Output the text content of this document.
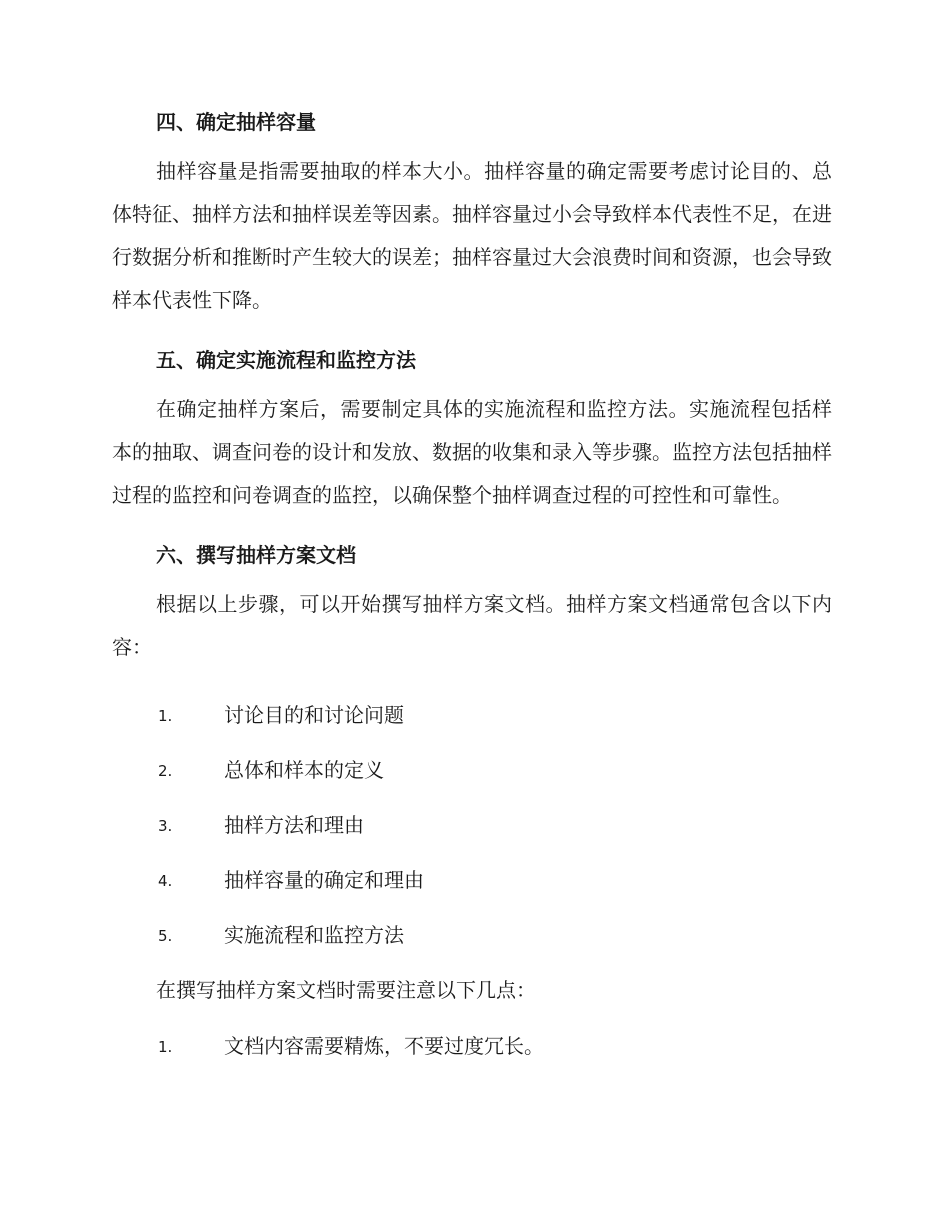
四、确定抽样容量

抽样容量是指需要抽取的样本大小。抽样容量的确定需要考虑讨论目的、总体特征、抽样方法和抽样误差等因素。抽样容量过小会导致样本代表性不足，在进行数据分析和推断时产生较大的误差；抽样容量过大会浪费时间和资源，也会导致样本代表性下降。

五、确定实施流程和监控方法

在确定抽样方案后，需要制定具体的实施流程和监控方法。实施流程包括样本的抽取、调查问卷的设计和发放、数据的收集和录入等步骤。监控方法包括抽样过程的监控和问卷调查的监控，以确保整个抽样调查过程的可控性和可靠性。

六、撰写抽样方案文档

根据以上步骤，可以开始撰写抽样方案文档。抽样方案文档通常包含以下内容：

1.	讨论目的和讨论问题
2.	总体和样本的定义
3.	抽样方法和理由
4.	抽样容量的确定和理由
5.	实施流程和监控方法

在撰写抽样方案文档时需要注意以下几点：

1.	文档内容需要精炼，不要过度冗长。
